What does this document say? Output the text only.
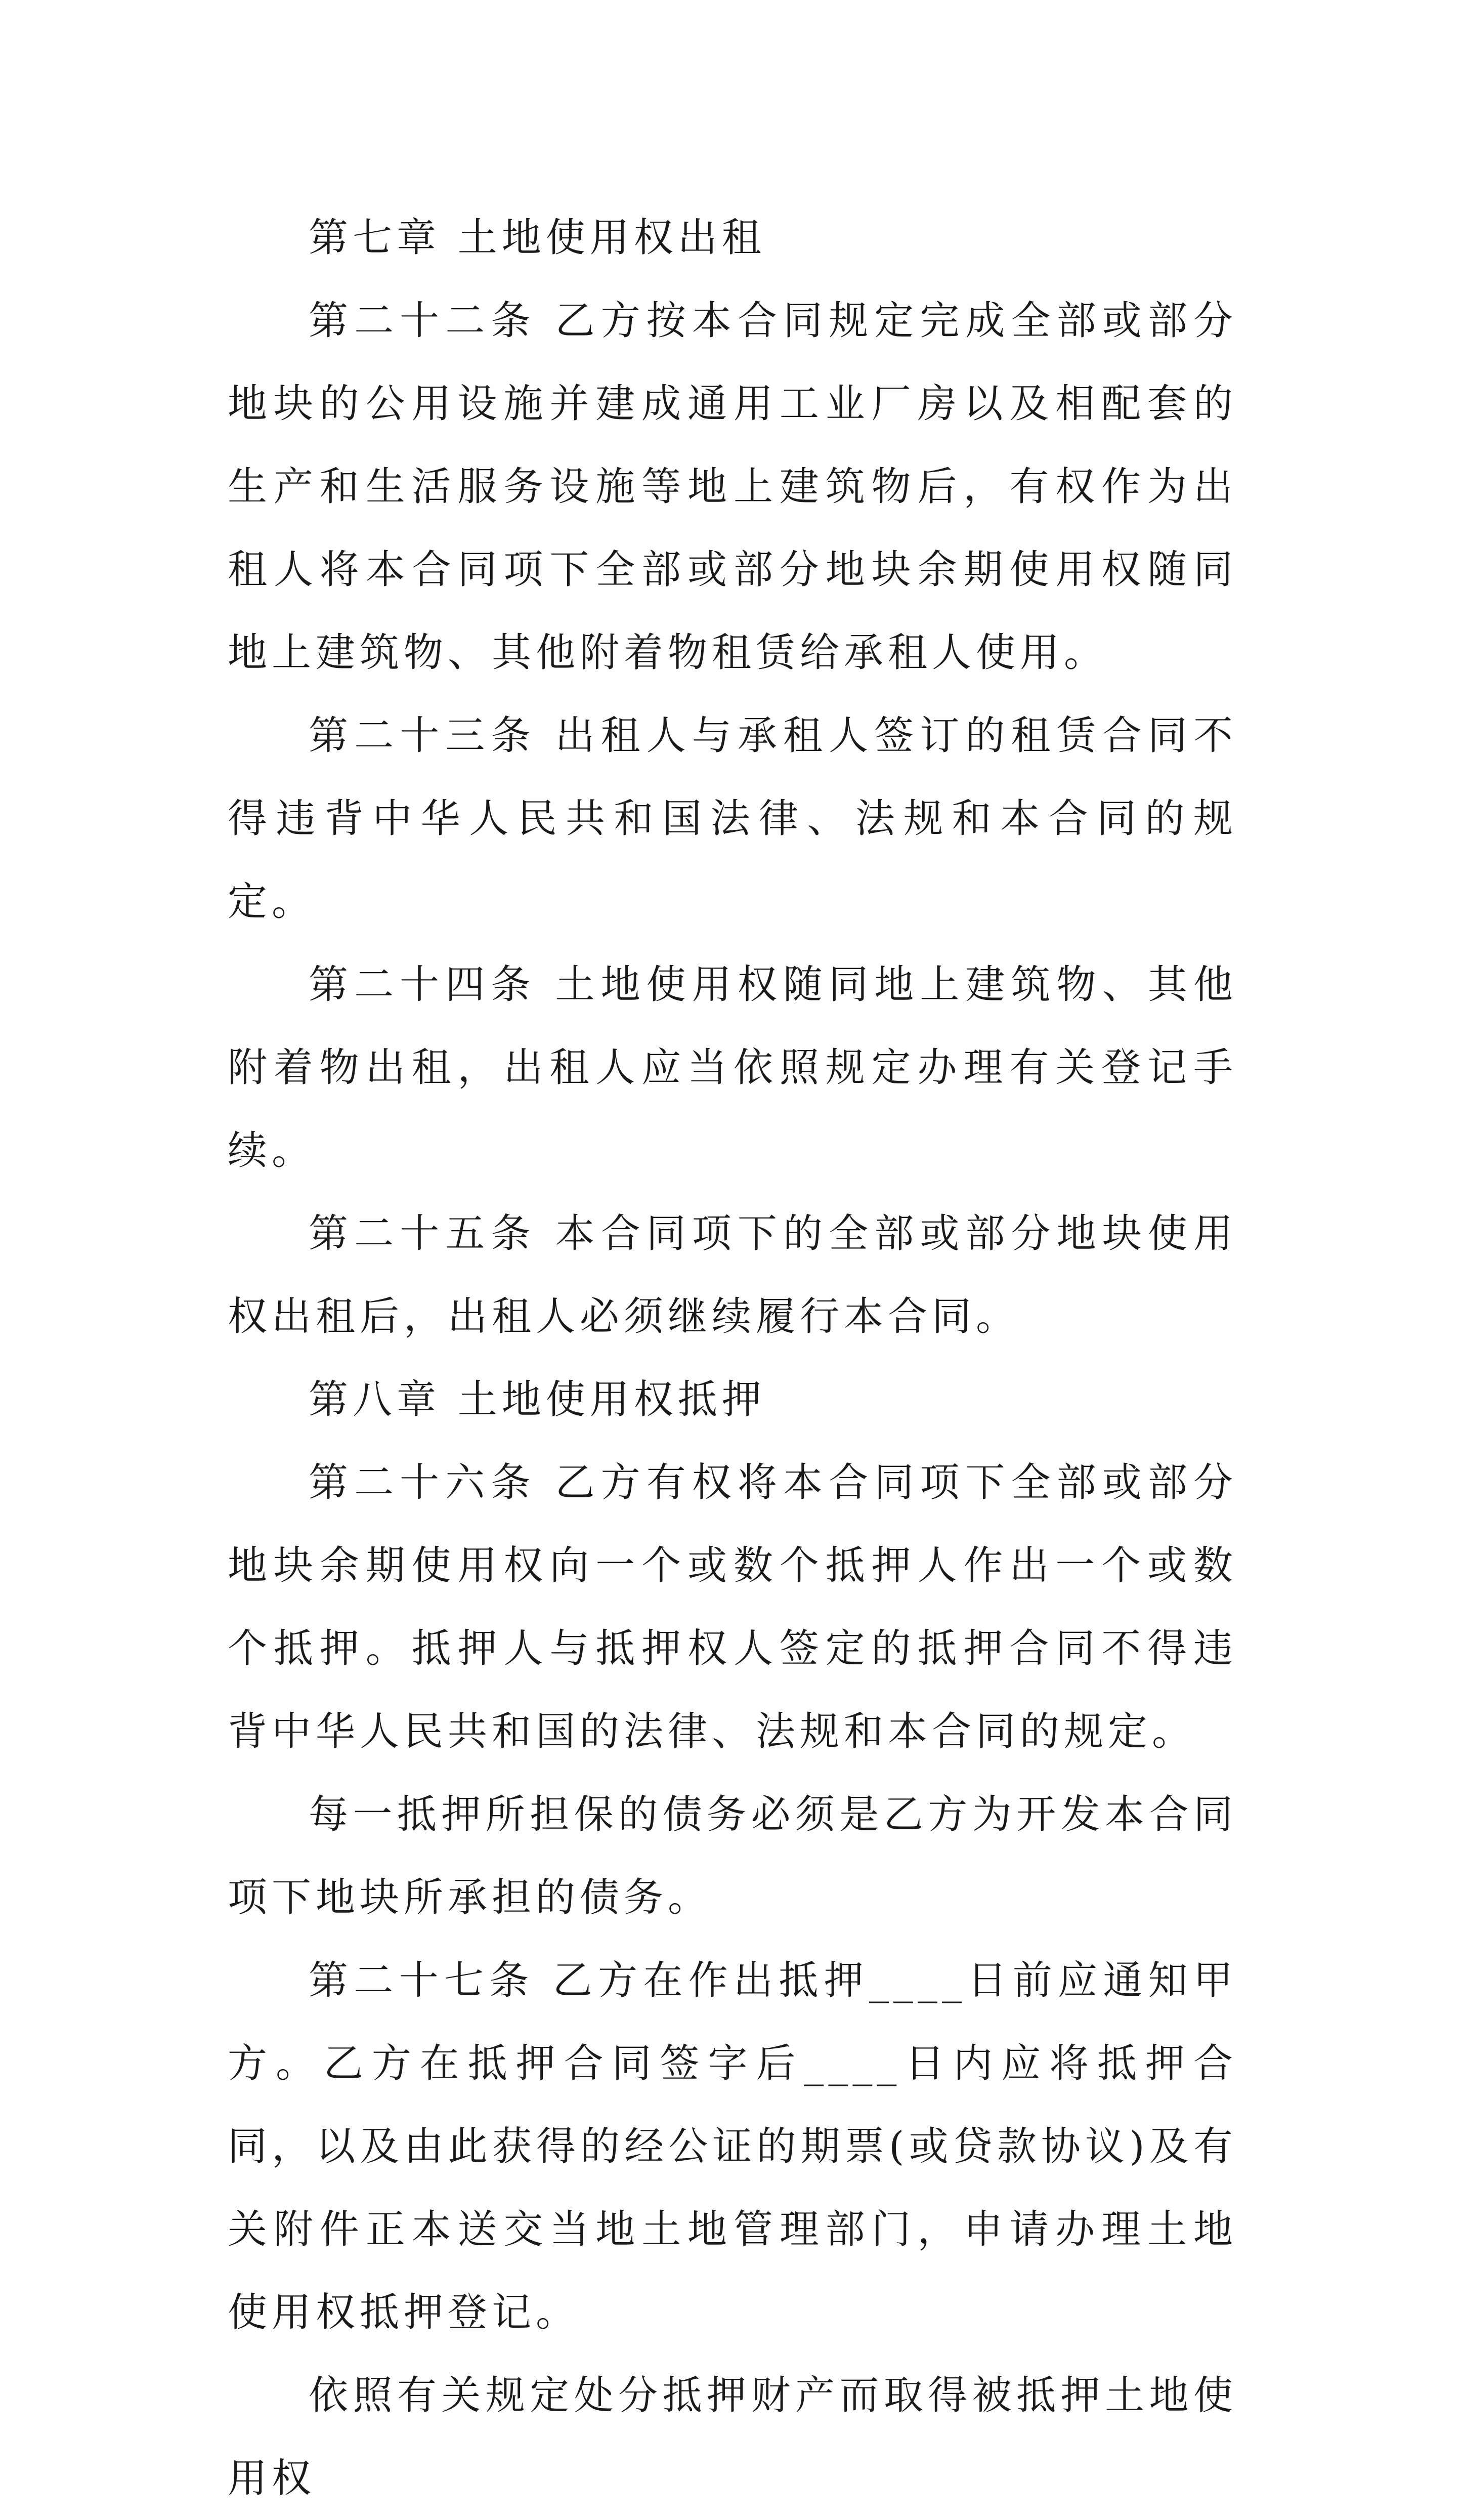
第七章 土地使用权出租

第二十二条 乙方按本合同规定完成全部或部分地块的公用设施并建成通用工业厂房以及相配套的生产和生活服务设施等地上建筑物后，有权作为出租人将本合同项下全部或部分地块余期使用权随同地上建筑物、其他附着物租赁给承租人使用。

第二十三条 出租人与承租人签订的租赁合同不得违背中华人民共和国法律、法规和本合同的规定。

第二十四条 土地使用权随同地上建筑物、其他附着物出租，出租人应当依照规定办理有关登记手续。

第二十五条 本合同项下的全部或部分地块使用权出租后，出租人必须继续履行本合同。

第八章 土地使用权抵押

第二十六条 乙方有权将本合同项下全部或部分地块余期使用权向一个或数个抵押人作出一个或数个抵押。抵押人与抵押权人签定的抵押合同不得违背中华人民共和国的法律、法规和本合同的规定。

每一抵押所担保的债务必须是乙方为开发本合同项下地块所承担的债务。

第二十七条 乙方在作出抵押____日前应通知甲方。乙方在抵押合同签字后____日内应将抵押合同，以及由此获得的经公证的期票(或贷款协议)及有关附件正本送交当地土地管理部门，申请办理土地使用权抵押登记。

依照有关规定处分抵押财产而取得被抵押土地使用权
